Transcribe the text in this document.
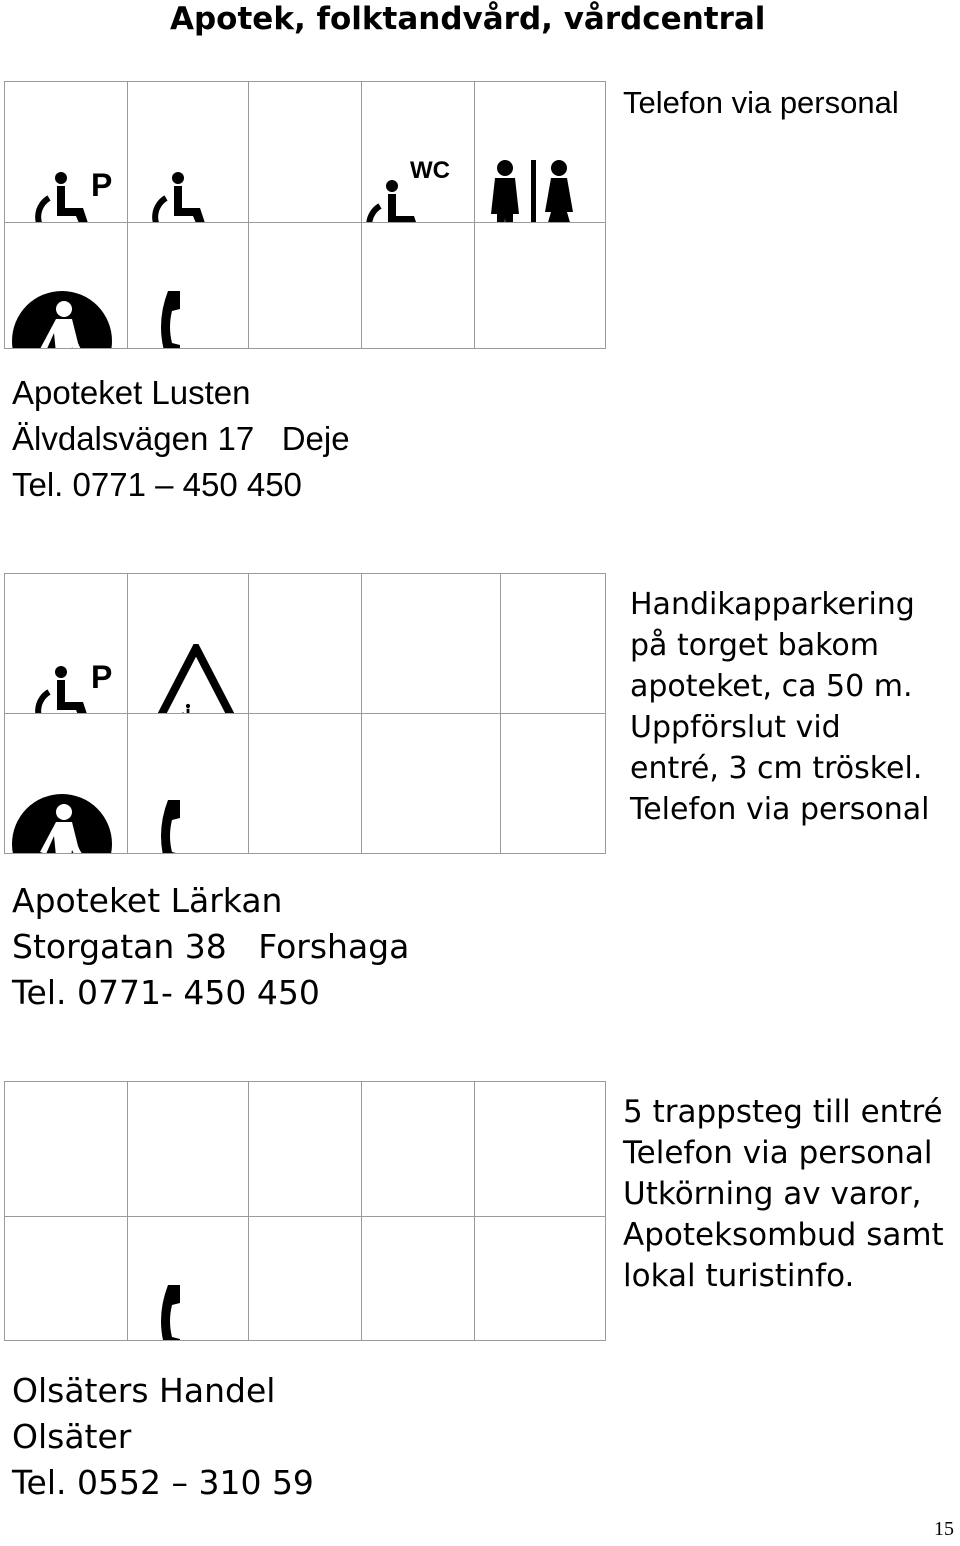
Apotek, folktandvård, vårdcentral
P			WC

Telefon via personal
Apoteket Lusten
Älvdalsvägen 17 Deje
Tel. 0771 – 450 450
P

Handikapparkering
på torget bakom
apoteket, ca 50 m.
Uppförslut vid
entré, 3 cm tröskel.
Telefon via personal
Apoteket Lärkan
Storgatan 38 Forshaga
Tel. 0771- 450 450

5 trappsteg till entré
Telefon via personal
Utkörning av varor,
Apoteksombud samt
lokal turistinfo.
Olsäters Handel
Olsäter
Tel. 0552 – 310 59
15
